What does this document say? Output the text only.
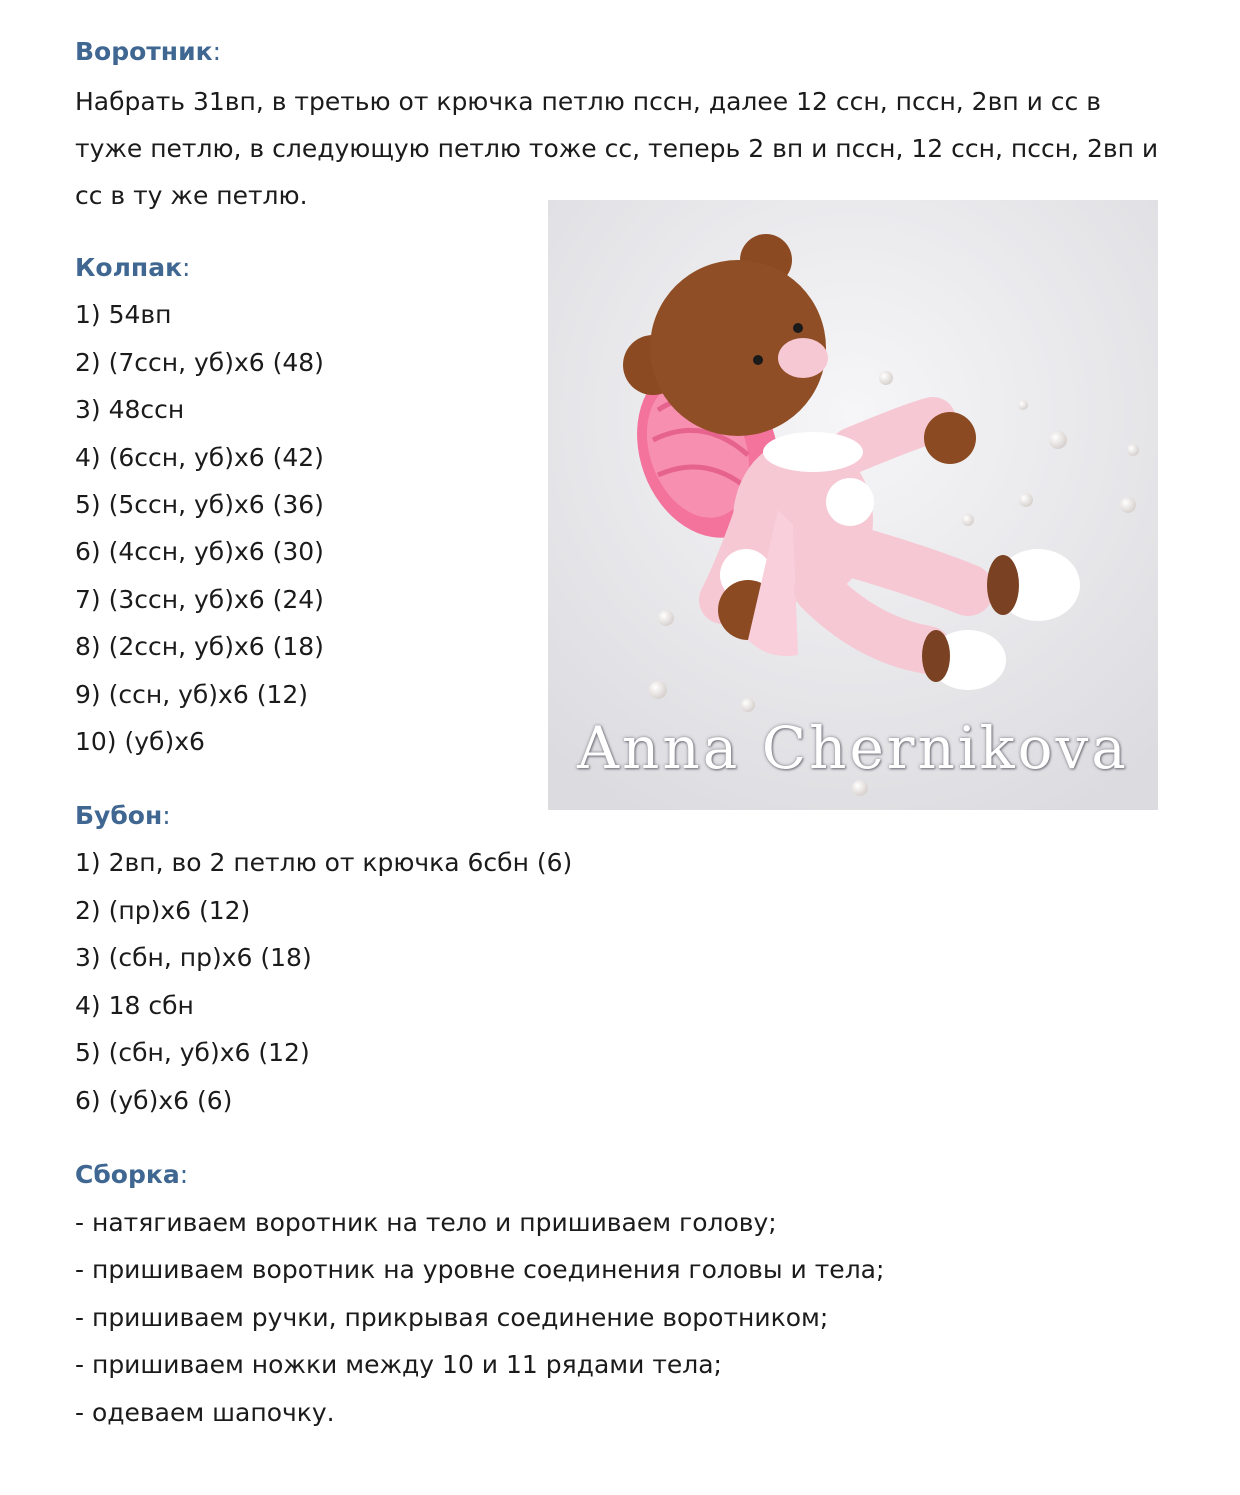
Воротник:

Набрать 31вп, в третью от крючка петлю пссн, далее 12 ссн, пссн, 2вп и сс в туже петлю, в следующую петлю тоже сс, теперь 2 вп и пссн, 12 ссн, пссн, 2вп и сс в ту же петлю.

Anna Chernikova
Колпак:

1) 54вп

2) (7ссн, уб)х6 (48)

3) 48ссн

4) (6ссн, уб)х6 (42)

5) (5ссн, уб)х6 (36)

6) (4ссн, уб)х6 (30)

7) (3ссн, уб)х6 (24)

8) (2ссн, уб)х6 (18)

9) (ссн, уб)х6 (12)

10) (уб)х6

Бубон:

1) 2вп, во 2 петлю от крючка 6сбн (6)

2) (пр)х6 (12)

3) (сбн, пр)х6 (18)

4) 18 сбн

5) (сбн, уб)х6 (12)

6) (уб)х6 (6)

Сборка:

- натягиваем воротник на тело и пришиваем голову;

- пришиваем воротник на уровне соединения головы и тела;

- пришиваем ручки, прикрывая соединение воротником;

- пришиваем ножки между 10 и 11 рядами тела;

- одеваем шапочку.
